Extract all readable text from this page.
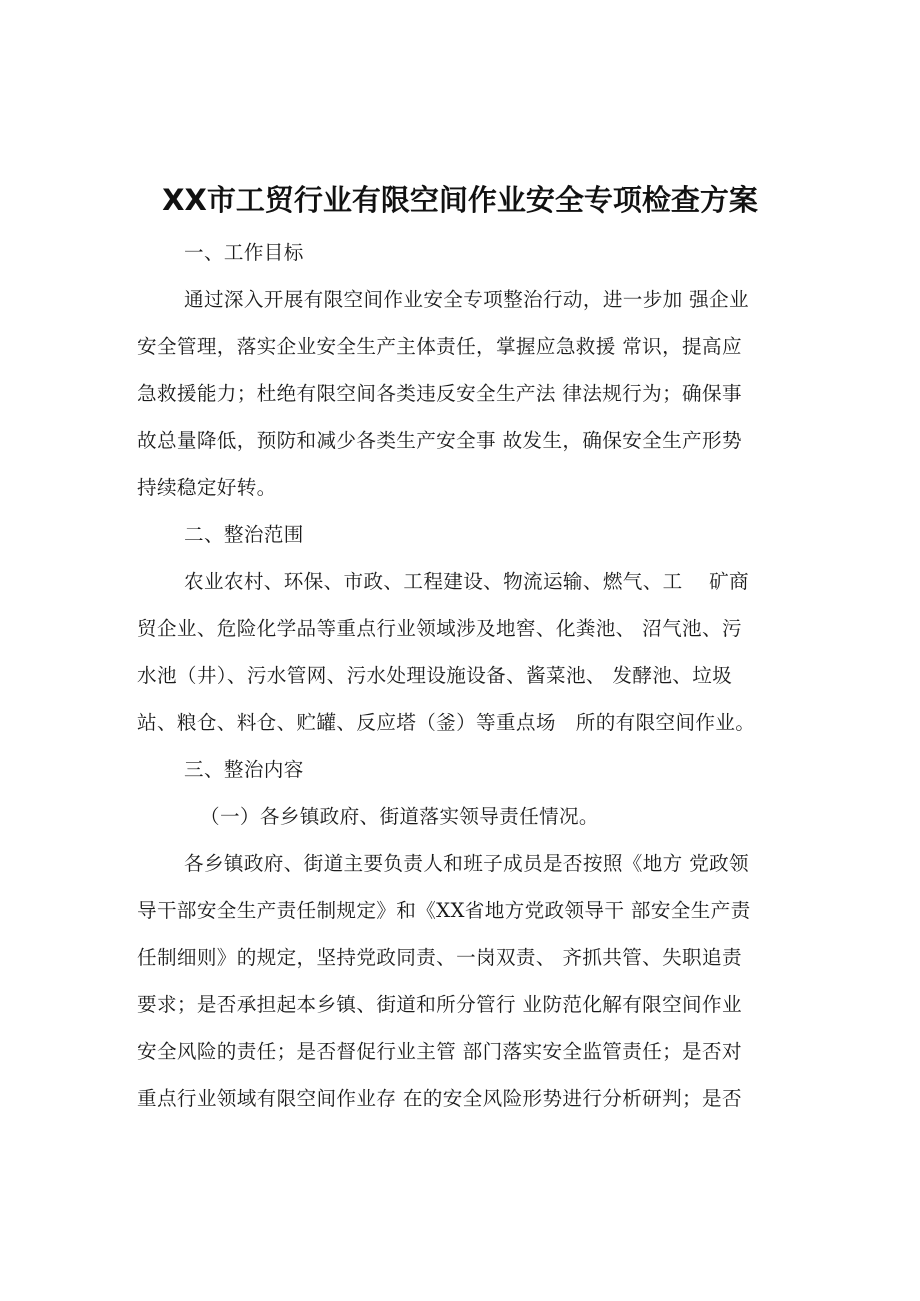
XX市工贸行业有限空间作业安全专项检查方案
一、工作目标
通过深入开展有限空间作业安全专项整治行动，进一步加 强企业
安全管理，落实企业安全生产主体责任，掌握应急救援 常识，提高应
急救援能力；杜绝有限空间各类违反安全生产法 律法规行为；确保事
故总量降低，预防和减少各类生产安全事 故发生，确保安全生产形势
持续稳定好转。
二、整治范围
农业农村、环保、市政、工程建设、物流运输、燃气、工　 矿商
贸企业、危险化学品等重点行业领域涉及地窖、化粪池、 沼气池、污
水池（井）、污水管网、污水处理设施设备、酱菜池、 发酵池、垃圾
站、粮仓、料仓、贮罐、反应塔（釜）等重点场　所的有限空间作业。
三、整治内容
（一）各乡镇政府、街道落实领导责任情况。
各乡镇政府、街道主要负责人和班子成员是否按照《地方 党政领
导干部安全生产责任制规定》和《XX省地方党政领导干 部安全生产责
任制细则》的规定，坚持党政同责、一岗双责、 齐抓共管、失职追责
要求；是否承担起本乡镇、街道和所分管行 业防范化解有限空间作业
安全风险的责任；是否督促行业主管 部门落实安全监管责任；是否对
重点行业领域有限空间作业存 在的安全风险形势进行分析研判；是否
